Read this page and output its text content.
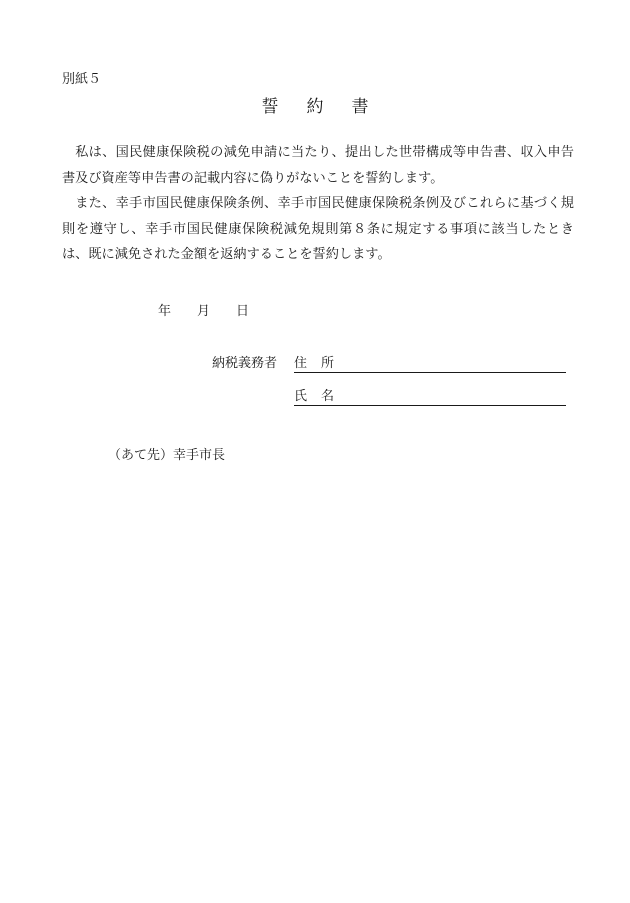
別紙５
誓約書

私は、国民健康保険税の減免申請に当たり、提出した世帯構成等申告書、収入申告書及び資産等申告書の記載内容に偽りがないことを誓約します。

また、幸手市国民健康保険条例、幸手市国民健康保険税条例及びこれらに基づく規則を遵守し、幸手市国民健康保険税減免規則第８条に規定する事項に該当したときは、既に減免された金額を返納することを誓約します。

年 月 日
納税義務者 住 所
氏 名
（あて先）幸手市長
